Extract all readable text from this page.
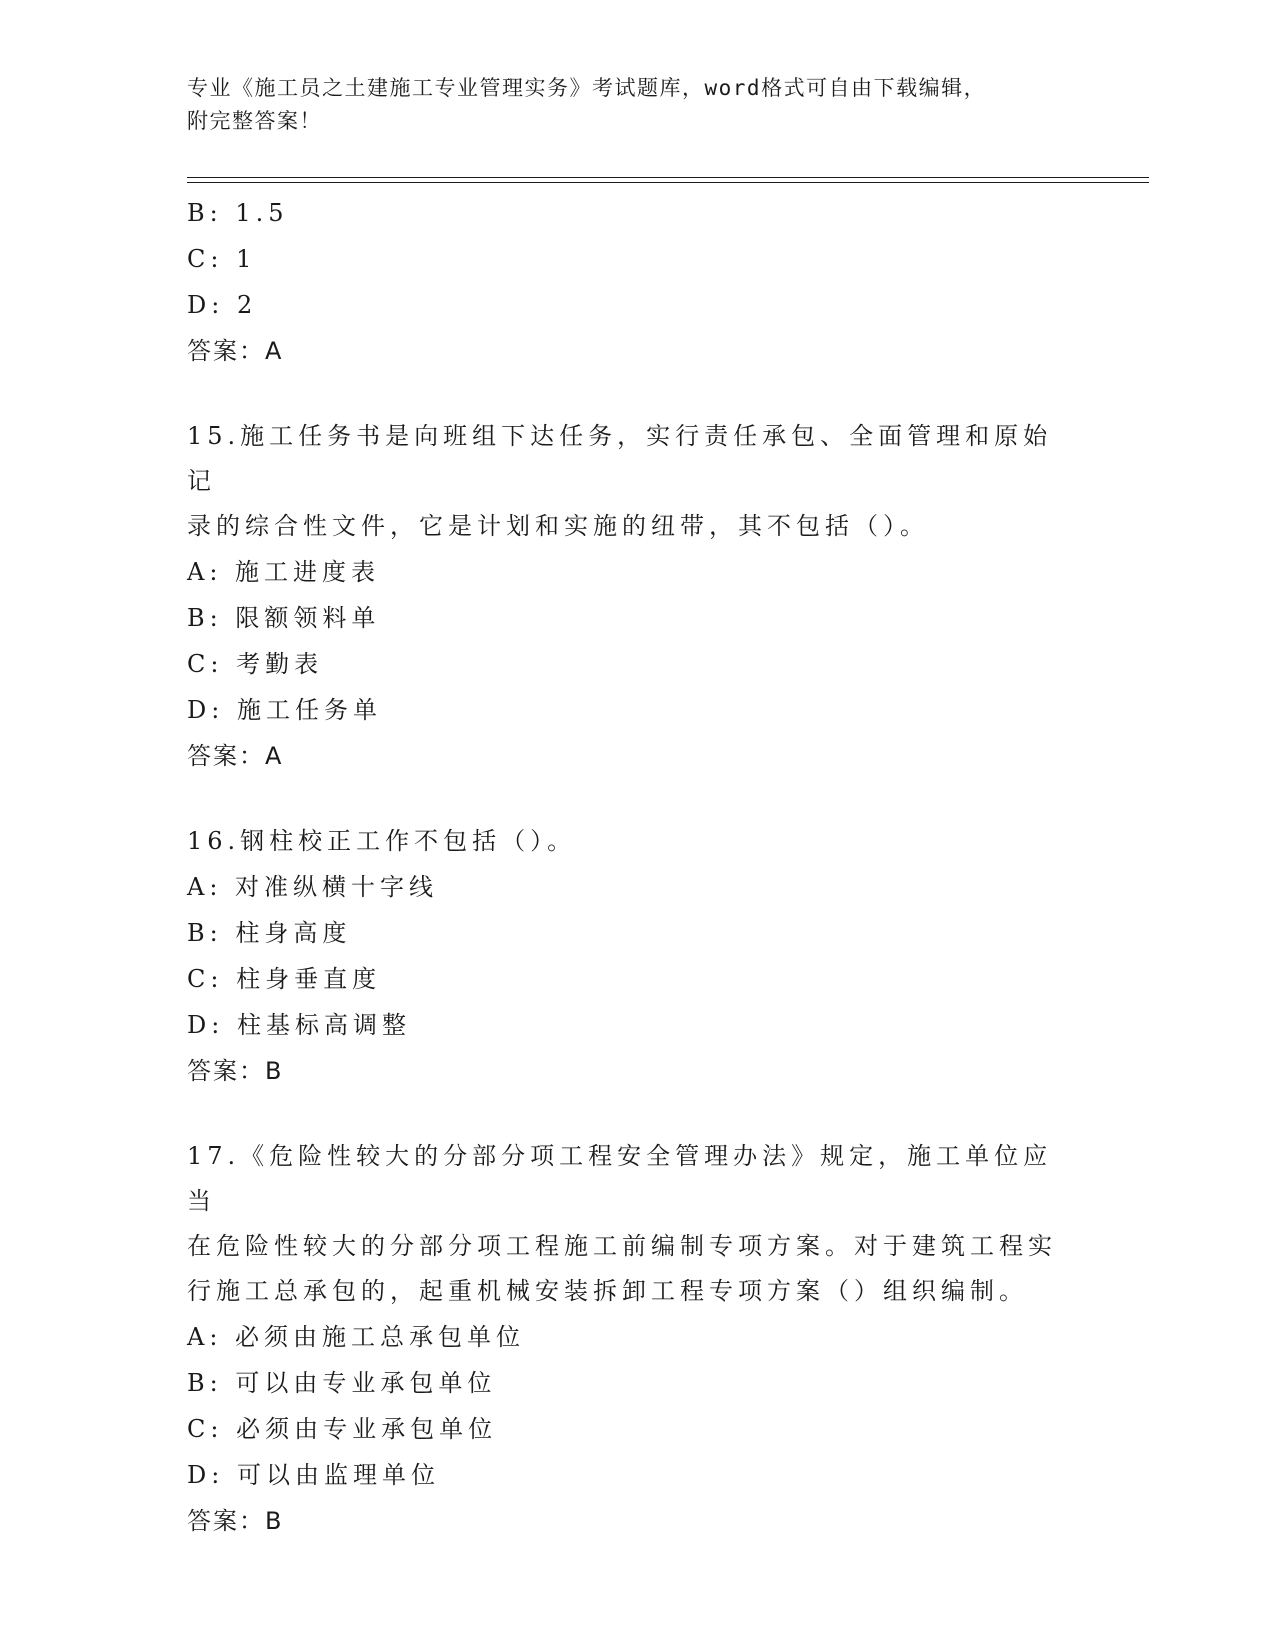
专业《施工员之土建施工专业管理实务》考试题库，word格式可自由下载编辑，
附完整答案！
B: 1.5
C: 1
D: 2
答案：A
15.施工任务书是向班组下达任务，实行责任承包、全面管理和原始记
录的综合性文件，它是计划和实施的纽带，其不包括（）。
A: 施工进度表
B: 限额领料单
C: 考勤表
D: 施工任务单
答案：A
16.钢柱校正工作不包括（）。
A: 对准纵横十字线
B: 柱身高度
C: 柱身垂直度
D: 柱基标高调整
答案：B
17.《危险性较大的分部分项工程安全管理办法》规定，施工单位应当
在危险性较大的分部分项工程施工前编制专项方案。对于建筑工程实
行施工总承包的，起重机械安装拆卸工程专项方案（）组织编制。
A: 必须由施工总承包单位
B: 可以由专业承包单位
C: 必须由专业承包单位
D: 可以由监理单位
答案：B
